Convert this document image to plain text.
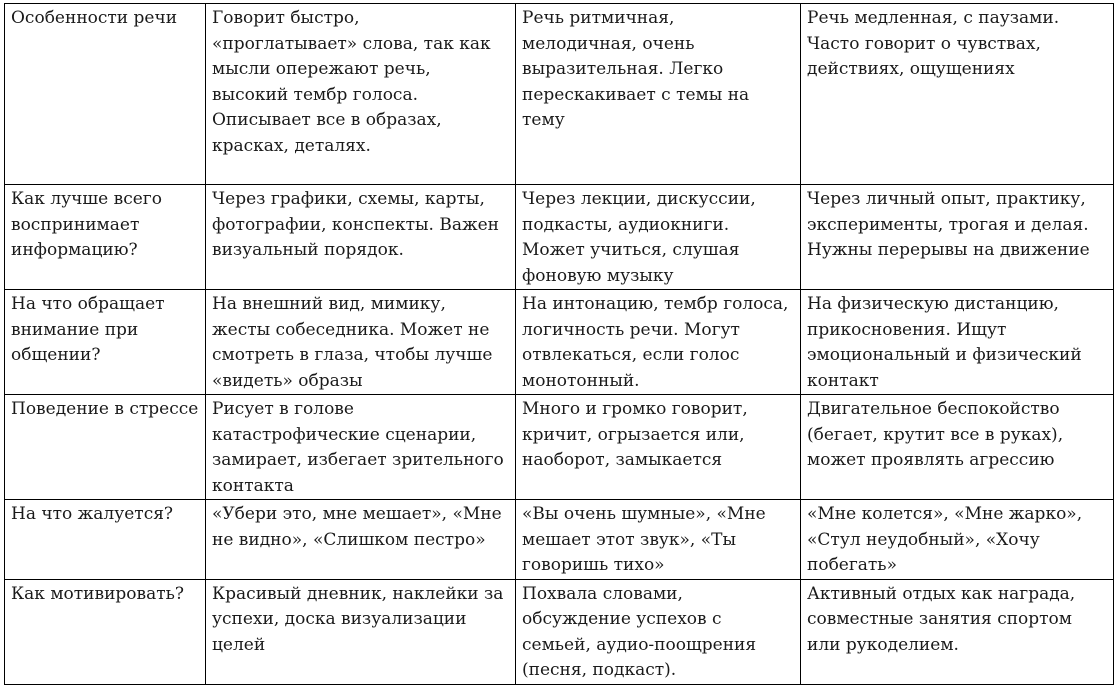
Особенности речи	Говорит быстро, «проглатывает» слова, так как мысли опережают речь, высокий тембр голоса. Описывает все в образах, красках, деталях.	Речь ритмичная, мелодичная, очень выразительная. Легко перескакивает с темы на тему	Речь медленная, с паузами. Часто говорит о чувствах, действиях, ощущениях

Как лучше всего воспринимает информацию?	Через графики, схемы, карты, фотографии, конспекты. Важен визуальный порядок.	Через лекции, дискуссии, подкасты, аудиокниги. Может учиться, слушая фоновую музыку	Через личный опыт, практику, эксперименты, трогая и делая. Нужны перерывы на движение

На что обращает внимание при общении?	На внешний вид, мимику, жесты собеседника. Может не смотреть в глаза, чтобы лучше «видеть» образы	На интонацию, тембр голоса, логичность речи. Могут отвлекаться, если голос монотонный.	На физическую дистанцию, прикосновения. Ищут эмоциональный и физический контакт

Поведение в стрессе	Рисует в голове катастрофические сценарии, замирает, избегает зрительного контакта	Много и громко говорит, кричит, огрызается или, наоборот, замыкается	Двигательное беспокойство (бегает, крутит все в руках), может проявлять агрессию

На что жалуется?	«Убери это, мне мешает», «Мне не видно», «Слишком пестро»	«Вы очень шумные», «Мне мешает этот звук», «Ты говоришь тихо»	«Мне колется», «Мне жарко», «Стул неудобный», «Хочу побегать»

Как мотивировать?	Красивый дневник, наклейки за успехи, доска визуализации целей	Похвала словами, обсуждение успехов с семьей, аудио-поощрения (песня, подкаст).	Активный отдых как награда, совместные занятия спортом или рукоделием.
